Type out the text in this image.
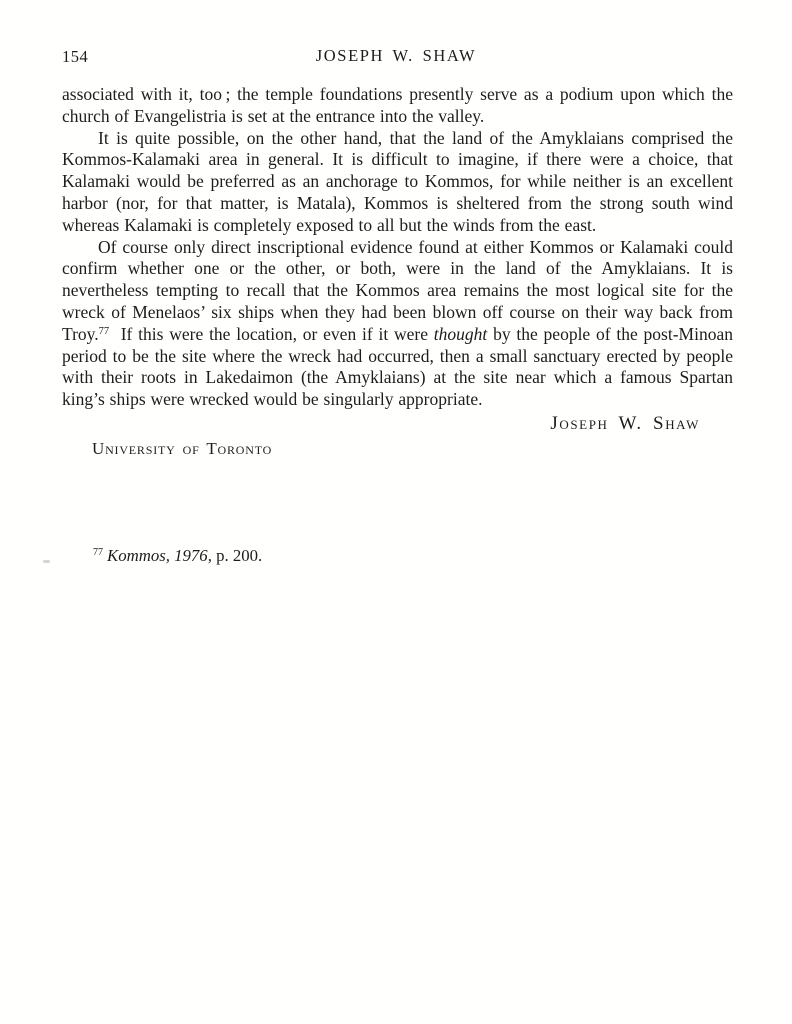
154	JOSEPH W. SHAW

associated with it, too ; the temple foundations presently serve as a podium upon which the church of Evangelistria is set at the entrance into the valley.

It is quite possible, on the other hand, that the land of the Amyklaians comprised the Kommos-Kalamaki area in general. It is difficult to imagine, if there were a choice, that Kalamaki would be preferred as an anchorage to Kommos, for while neither is an excellent harbor (nor, for that matter, is Matala), Kommos is sheltered from the strong south wind whereas Kalamaki is completely exposed to all but the winds from the east.

Of course only direct inscriptional evidence found at either Kommos or Kalamaki could confirm whether one or the other, or both, were in the land of the Amyklaians. It is nevertheless tempting to recall that the Kommos area remains the most logical site for the wreck of Menelaos’ six ships when they had been blown off course on their way back from Troy.$^{77}$  If this were the location, or even if it were thought by the people of the post-Minoan period to be the site where the wreck had occurred, then a small sanctuary erected by people with their roots in Lakedaimon (the Amyklaians) at the site near which a famous Spartan king’s ships were wrecked would be singularly appropriate.

Joseph W. Shaw
University of Toronto
$^{77}$ Kommos, 1976, p. 200.
